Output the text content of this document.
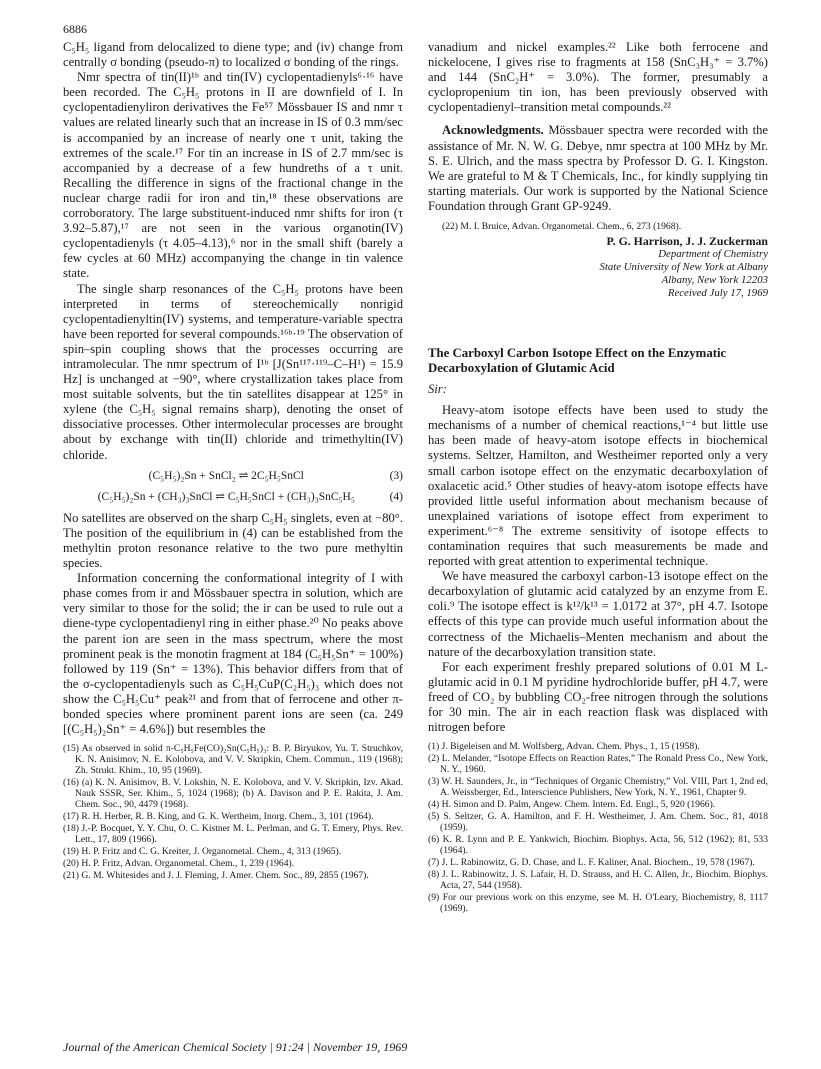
6886

C₅H₅ ligand from delocalized to diene type; and (iv) change from centrally σ bonding (pseudo-π) to localized σ bonding of the rings.

Nmr spectra of tin(II)¹ᵇ and tin(IV) cyclopentadienyls⁶·¹⁶ have been recorded. The C₅H₅ protons in II are downfield of I. In cyclopentadienyliron derivatives the Fe⁵⁷ Mössbauer IS and nmr τ values are related linearly such that an increase in IS of 0.3 mm/sec is accompanied by an increase of nearly one τ unit, taking the extremes of the scale.¹⁷ For tin an increase in IS of 2.7 mm/sec is accompanied by a decrease of a few hundreths of a τ unit. Recalling the difference in signs of the fractional change in the nuclear charge radii for iron and tin,¹⁸ these observations are corroboratory. The large substituent-induced nmr shifts for iron (τ 3.92–5.87),¹⁷ are not seen in the various organotin(IV) cyclopentadienyls (τ 4.05–4.13),⁶ nor in the small shift (barely a few cycles at 60 MHz) accompanying the change in tin valence state.

The single sharp resonances of the C₅H₅ protons have been interpreted in terms of stereochemically nonrigid cyclopentadienyltin(IV) systems, and temperature-variable spectra have been reported for several compounds.¹⁶ᵇ·¹⁹ The observation of spin–spin coupling shows that the processes occurring are intramolecular. The nmr spectrum of I¹ᵇ [J(Sn¹¹⁷·¹¹⁹–C–H¹) = 15.9 Hz] is unchanged at −90°, where crystallization takes place from most suitable solvents, but the tin satellites disappear at 125° in xylene (the C₅H₅ signal remains sharp), denoting the onset of dissociative processes. Other intermolecular processes are brought about by exchange with tin(II) chloride and trimethyltin(IV) chloride.

(C₅H₅)₂Sn + SnCl₂ ⇌ 2C₅H₅SnCl	(3)
(C₅H₅)₂Sn + (CH₃)₃SnCl ⇌ C₅H₅SnCl + (CH₃)₃SnC₅H₅	(4)

No satellites are observed on the sharp C₅H₅ singlets, even at −80°. The position of the equilibrium in (4) can be established from the methyltin proton resonance relative to the two pure methyltin species.

Information concerning the conformational integrity of I with phase comes from ir and Mössbauer spectra in solution, which are very similar to those for the solid; the ir can be used to rule out a diene-type cyclopentadienyl ring in either phase.²⁰ No peaks above the parent ion are seen in the mass spectrum, where the most prominent peak is the monotin fragment at 184 (C₅H₅Sn⁺ = 100%) followed by 119 (Sn⁺ = 13%). This behavior differs from that of the σ-cyclopentadienyls such as C₅H₅CuP(C₂H₅)₃ which does not show the C₅H₅Cu⁺ peak²¹ and from that of ferrocene and other π-bonded species where prominent parent ions are seen (ca. 249 [(C₅H₅)₂Sn⁺ = 4.6%]) but resembles the

(15) As observed in solid π-C₅H₅Fe(CO)₂Sn(C₅H₅)₃: B. P. Biryukov, Yu. T. Struchkov, K. N. Anisimov, N. E. Kolobova, and V. V. Skripkin, Chem. Commun., 119 (1968); Zh. Strukt. Khim., 10, 95 (1969).

(16) (a) K. N. Anisimov, B. V. Lokshin, N. E. Kolobova, and V. V. Skripkin, Izv. Akad. Nauk SSSR, Ser. Khim., 5, 1024 (1968); (b) A. Davison and P. E. Rakita, J. Am. Chem. Soc., 90, 4479 (1968).

(17) R. H. Herber, R. B. King, and G. K. Wertheim, Inorg. Chem., 3, 101 (1964).

(18) J.-P. Bocquet, Y. Y. Chu, O. C. Kistner M. L. Perlman, and G. T. Emery, Phys. Rev. Lett., 17, 809 (1966).

(19) H. P. Fritz and C. G. Kreiter, J. Organometal. Chem., 4, 313 (1965).

(20) H. P. Fritz, Advan. Organometal. Chem., 1, 239 (1964).

(21) G. M. Whitesides and J. J. Fleming, J. Amer. Chem. Soc., 89, 2855 (1967).

vanadium and nickel examples.²² Like both ferrocene and nickelocene, I gives rise to fragments at 158 (SnC₃H₃⁺ = 3.7%) and 144 (SnC₂H⁺ = 3.0%). The former, presumably a cyclopropenium tin ion, has been previously observed with cyclopentadienyl–transition metal compounds.²²

Acknowledgments. Mössbauer spectra were recorded with the assistance of Mr. N. W. G. Debye, nmr spectra at 100 MHz by Mr. S. E. Ulrich, and the mass spectra by Professor D. G. I. Kingston. We are grateful to M & T Chemicals, Inc., for kindly supplying tin starting materials. Our work is supported by the National Science Foundation through Grant GP-9249.

(22) M. I. Bruice, Advan. Organometal. Chem., 6, 273 (1968).
P. G. Harrison, J. J. Zuckerman
Department of Chemistry
State University of New York at Albany
Albany, New York 12203
Received July 17, 1969
The Carboxyl Carbon Isotope Effect on the Enzymatic Decarboxylation of Glutamic Acid
Sir:

Heavy-atom isotope effects have been used to study the mechanisms of a number of chemical reactions,¹⁻⁴ but little use has been made of heavy-atom isotope effects in biochemical systems. Seltzer, Hamilton, and Westheimer reported only a very small carbon isotope effect on the enzymatic decarboxylation of oxalacetic acid.⁵ Other studies of heavy-atom isotope effects have provided little useful information about mechanism because of unexplained variations of isotope effect from experiment to experiment.⁶⁻⁸ The extreme sensitivity of isotope effects to contamination requires that such measurements be made and reported with great attention to experimental technique.

We have measured the carboxyl carbon-13 isotope effect on the decarboxylation of glutamic acid catalyzed by an enzyme from E. coli.⁹ The isotope effect is k¹²/k¹³ = 1.0172 at 37°, pH 4.7. Isotope effects of this type can provide much useful information about the correctness of the Michaelis–Menten mechanism and about the nature of the decarboxylation transition state.

For each experiment freshly prepared solutions of 0.01 M L-glutamic acid in 0.1 M pyridine hydrochloride buffer, pH 4.7, were freed of CO₂ by bubbling CO₂-free nitrogen through the solutions for 30 min. The air in each reaction flask was displaced with nitrogen before

(1) J. Bigeleisen and M. Wolfsberg, Advan. Chem. Phys., 1, 15 (1958).

(2) L. Melander, “Isotope Effects on Reaction Rates,” The Ronald Press Co., New York, N. Y., 1960.

(3) W. H. Saunders, Jr., in “Techniques of Organic Chemistry,” Vol. VIII, Part 1, 2nd ed, A. Weissberger, Ed., Interscience Publishers, New York, N. Y., 1961, Chapter 9.

(4) H. Simon and D. Palm, Angew. Chem. Intern. Ed. Engl., 5, 920 (1966).

(5) S. Seltzer, G. A. Hamilton, and F. H. Westheimer, J. Am. Chem. Soc., 81, 4018 (1959).

(6) K. R. Lynn and P. E. Yankwich, Biochim. Biophys. Acta, 56, 512 (1962); 81, 533 (1964).

(7) J. L. Rabinowitz, G. D. Chase, and L. F. Kaliner, Anal. Biochem., 19, 578 (1967).

(8) J. L. Rabinowitz, J. S. Lafair, H. D. Strauss, and H. C. Allen, Jr., Biochim. Biophys. Acta, 27, 544 (1958).

(9) For our previous work on this enzyme, see M. H. O'Leary, Biochemistry, 8, 1117 (1969).

Journal of the American Chemical Society | 91:24 | November 19, 1969
